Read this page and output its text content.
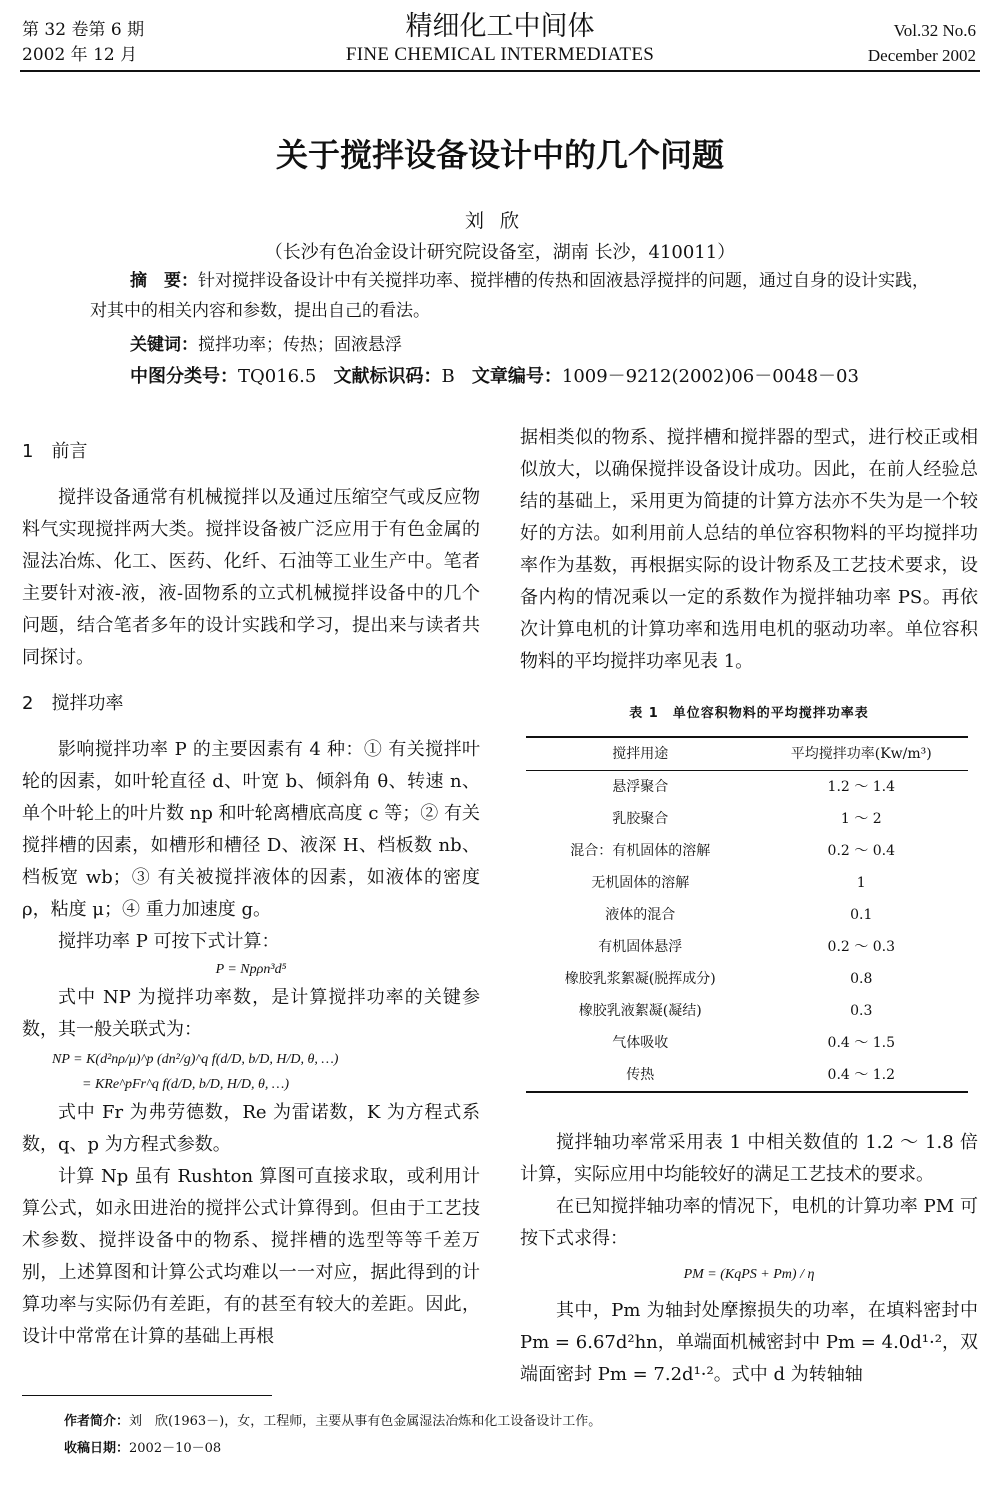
第 32 卷第 6 期
2002 年 12 月
精细化工中间体
FINE CHEMICAL INTERMEDIATES
Vol.32 No.6
December 2002
关于搅拌设备设计中的几个问题
刘欣
（长沙有色冶金设计研究院设备室，湖南 长沙，410011）
摘　要：针对搅拌设备设计中有关搅拌功率、搅拌槽的传热和固液悬浮搅拌的问题，通过自身的设计实践，对其中的相关内容和参数，提出自己的看法。
关键词：搅拌功率；传热；固液悬浮
中图分类号：TQ016.5 文献标识码：B 文章编号：1009－9212(2002)06－0048－03
1　前言

搅拌设备通常有机械搅拌以及通过压缩空气或反应物料气实现搅拌两大类。搅拌设备被广泛应用于有色金属的湿法冶炼、化工、医药、化纤、石油等工业生产中。笔者主要针对液-液，液-固物系的立式机械搅拌设备中的几个问题，结合笔者多年的设计实践和学习，提出来与读者共同探讨。

2　搅拌功率

影响搅拌功率 P 的主要因素有 4 种：① 有关搅拌叶轮的因素，如叶轮直径 d、叶宽 b、倾斜角 θ、转速 n、单个叶轮上的叶片数 np 和叶轮离槽底高度 c 等；② 有关搅拌槽的因素，如槽形和槽径 D、液深 H、档板数 nb、档板宽 wb；③ 有关被搅拌液体的因素，如液体的密度 ρ，粘度 μ；④ 重力加速度 g。

搅拌功率 P 可按下式计算：

P = Npρn³d⁵

式中 NP 为搅拌功率数，是计算搅拌功率的关键参数，其一般关联式为：

NP = K(d²nρ/μ)^p (dn²/g)^q f(d/D, b/D, H/D, θ, …)
= KRe^pFr^q f(d/D, b/D, H/D, θ, …)

式中 Fr 为弗劳德数，Re 为雷诺数，K 为方程式系数，q、p 为方程式参数。

计算 Np 虽有 Rushton 算图可直接求取，或利用计算公式，如永田进治的搅拌公式计算得到。但由于工艺技术参数、搅拌设备中的物系、搅拌槽的选型等等千差万别，上述算图和计算公式均难以一一对应，据此得到的计算功率与实际仍有差距，有的甚至有较大的差距。因此，设计中常常在计算的基础上再根

据相类似的物系、搅拌槽和搅拌器的型式，进行校正或相似放大，以确保搅拌设备设计成功。因此，在前人经验总结的基础上，采用更为简捷的计算方法亦不失为是一个较好的方法。如利用前人总结的单位容积物料的平均搅拌功率作为基数，再根据实际的设计物系及工艺技术要求，设备内构的情况乘以一定的系数作为搅拌轴功率 PS。再依次计算电机的计算功率和选用电机的驱动功率。单位容积物料的平均搅拌功率见表 1。

表 1　单位容积物料的平均搅拌功率表
搅拌用途	平均搅拌功率(Kw/m³)
悬浮聚合	1.2 ～ 1.4
乳胶聚合	1 ～ 2
混合：有机固体的溶解	0.2 ～ 0.4
无机固体的溶解	1
液体的混合	0.1
有机固体悬浮	0.2 ～ 0.3
橡胶乳浆絮凝(脱挥成分)	0.8
橡胶乳液絮凝(凝结)	0.3
气体吸收	0.4 ～ 1.5
传热	0.4 ～ 1.2

搅拌轴功率常采用表 1 中相关数值的 1.2 ～ 1.8 倍计算，实际应用中均能较好的满足工艺技术的要求。

在已知搅拌轴功率的情况下，电机的计算功率 PM 可按下式求得：

PM = (KqPS + Pm) / η

其中，Pm 为轴封处摩擦损失的功率，在填料密封中 Pm = 6.67d²hn，单端面机械密封中 Pm = 4.0d¹·²，双端面密封 Pm = 7.2d¹·²。式中 d 为转轴轴

作者简介：刘　欣(1963－)，女，工程师，主要从事有色金属湿法冶炼和化工设备设计工作。
收稿日期：2002－10－08
